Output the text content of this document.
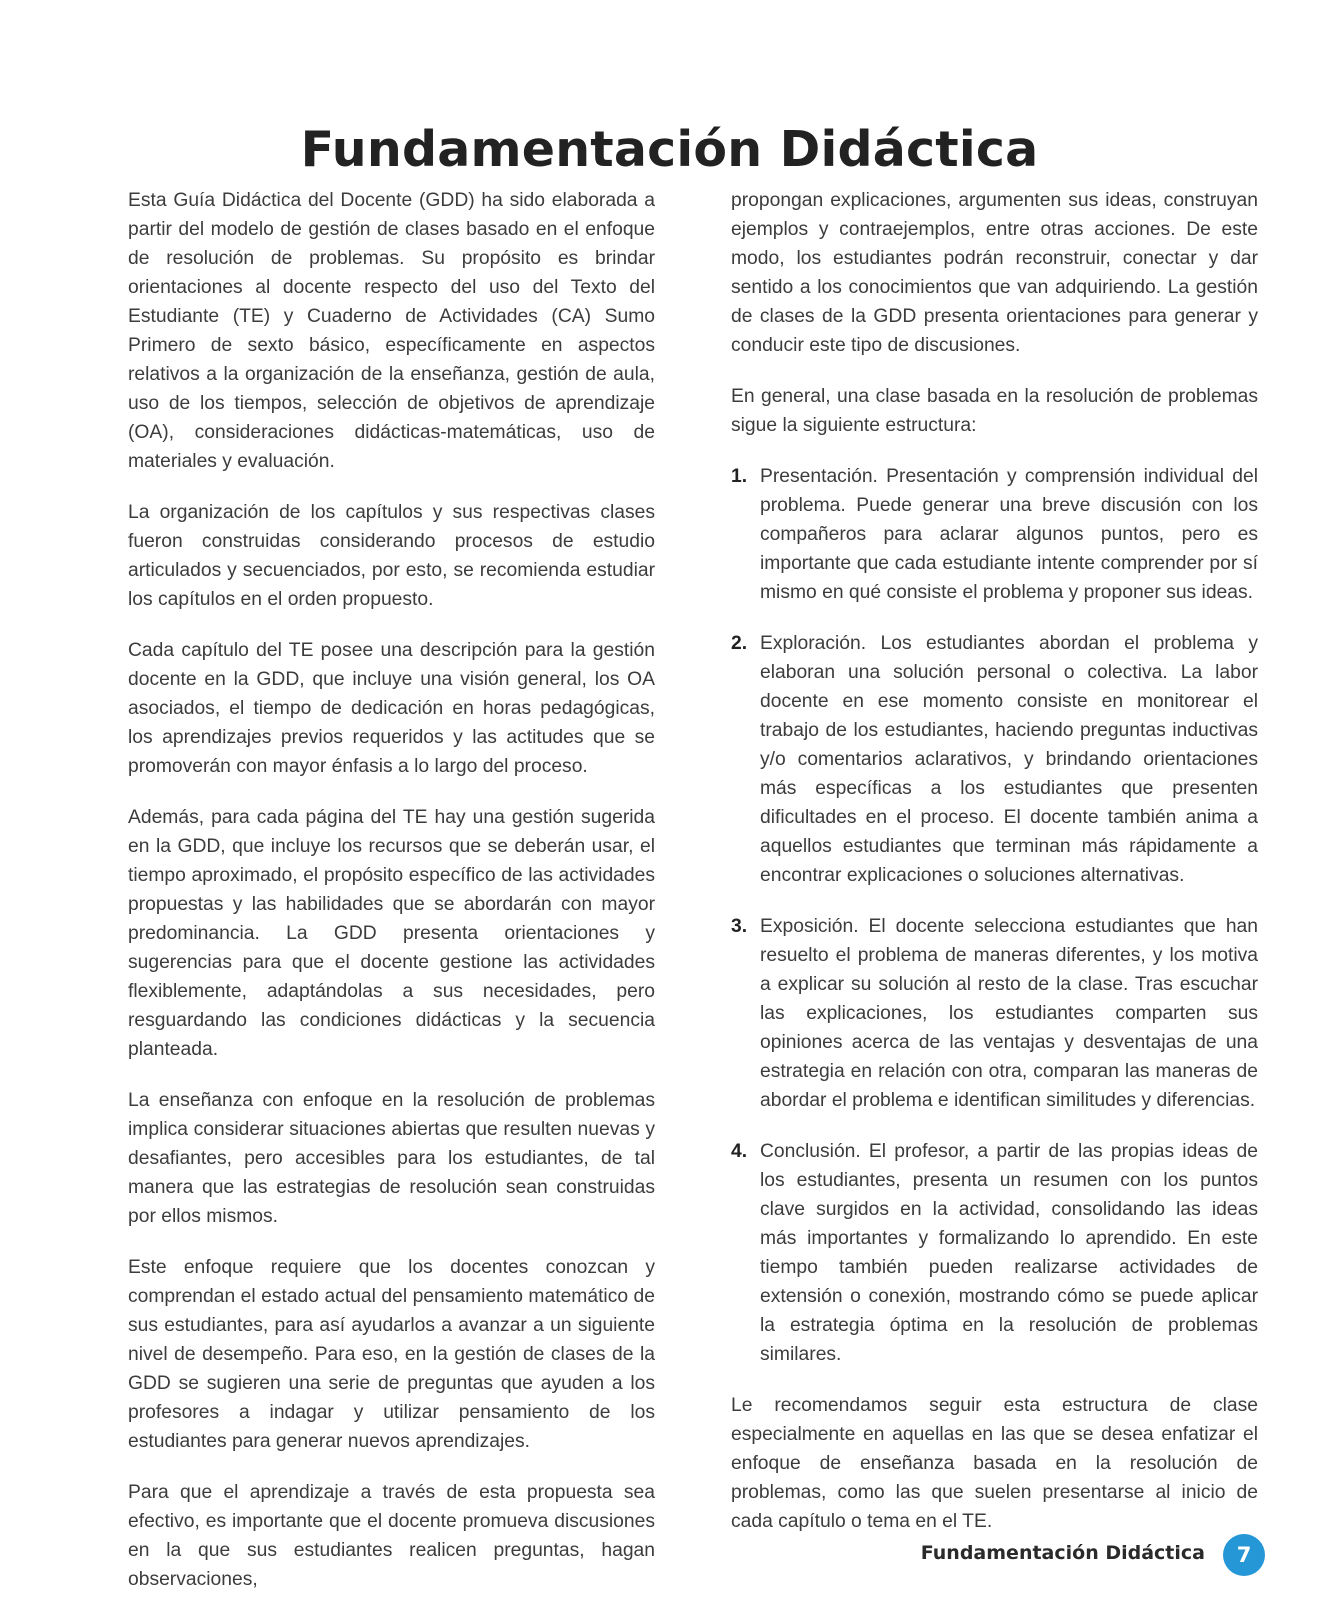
Fundamentación Didáctica

Esta Guía Didáctica del Docente (GDD) ha sido elaborada a partir del modelo de gestión de clases basado en el enfoque de resolución de problemas. Su propósito es brindar orientaciones al docente respecto del uso del Texto del Estudiante (TE) y Cuaderno de Actividades (CA) Sumo Primero de sexto básico, específicamente en aspectos relativos a la organización de la enseñanza, gestión de aula, uso de los tiempos, selección de objetivos de aprendizaje (OA), consideraciones didácticas-matemáticas, uso de materiales y evaluación.

La organización de los capítulos y sus respectivas clases fueron construidas considerando procesos de estudio articulados y secuenciados, por esto, se recomienda estudiar los capítulos en el orden propuesto.

Cada capítulo del TE posee una descripción para la gestión docente en la GDD, que incluye una visión general, los OA asociados, el tiempo de dedicación en horas pedagógicas, los aprendizajes previos requeridos y las actitudes que se promoverán con mayor énfasis a lo largo del proceso.

Además, para cada página del TE hay una gestión sugerida en la GDD, que incluye los recursos que se deberán usar, el tiempo aproximado, el propósito específico de las actividades propuestas y las habilidades que se abordarán con mayor predominancia. La GDD presenta orientaciones y sugerencias para que el docente gestione las actividades flexiblemente, adaptándolas a sus necesidades, pero resguardando las condiciones didácticas y la secuencia planteada.

La enseñanza con enfoque en la resolución de problemas implica considerar situaciones abiertas que resulten nuevas y desafiantes, pero accesibles para los estudiantes, de tal manera que las estrategias de resolución sean construidas por ellos mismos.

Este enfoque requiere que los docentes conozcan y comprendan el estado actual del pensamiento matemático de sus estudiantes, para así ayudarlos a avanzar a un siguiente nivel de desempeño. Para eso, en la gestión de clases de la GDD se sugieren una serie de preguntas que ayuden a los profesores a indagar y utilizar pensamiento de los estudiantes para generar nuevos aprendizajes.

Para que el aprendizaje a través de esta propuesta sea efectivo, es importante que el docente promueva discusiones en la que sus estudiantes realicen preguntas, hagan observaciones,

propongan explicaciones, argumenten sus ideas, construyan ejemplos y contraejemplos, entre otras acciones. De este modo, los estudiantes podrán reconstruir, conectar y dar sentido a los conocimientos que van adquiriendo. La gestión de clases de la GDD presenta orientaciones para generar y conducir este tipo de discusiones.

En general, una clase basada en la resolución de problemas sigue la siguiente estructura:

1. Presentación. Presentación y comprensión individual del problema. Puede generar una breve discusión con los compañeros para aclarar algunos puntos, pero es importante que cada estudiante intente comprender por sí mismo en qué consiste el problema y proponer sus ideas.
2. Exploración. Los estudiantes abordan el problema y elaboran una solución personal o colectiva. La labor docente en ese momento consiste en monitorear el trabajo de los estudiantes, haciendo preguntas inductivas y/o comentarios aclarativos, y brindando orientaciones más específicas a los estudiantes que presenten dificultades en el proceso. El docente también anima a aquellos estudiantes que terminan más rápidamente a encontrar explicaciones o soluciones alternativas.
3. Exposición. El docente selecciona estudiantes que han resuelto el problema de maneras diferentes, y los motiva a explicar su solución al resto de la clase. Tras escuchar las explicaciones, los estudiantes comparten sus opiniones acerca de las ventajas y desventajas de una estrategia en relación con otra, comparan las maneras de abordar el problema e identifican similitudes y diferencias.
4. Conclusión. El profesor, a partir de las propias ideas de los estudiantes, presenta un resumen con los puntos clave surgidos en la actividad, consolidando las ideas más importantes y formalizando lo aprendido. En este tiempo también pueden realizarse actividades de extensión o conexión, mostrando cómo se puede aplicar la estrategia óptima en la resolución de problemas similares.

Le recomendamos seguir esta estructura de clase especialmente en aquellas en las que se desea enfatizar el enfoque de enseñanza basada en la resolución de problemas, como las que suelen presentarse al inicio de cada capítulo o tema en el TE.

Fundamentación Didáctica	7
